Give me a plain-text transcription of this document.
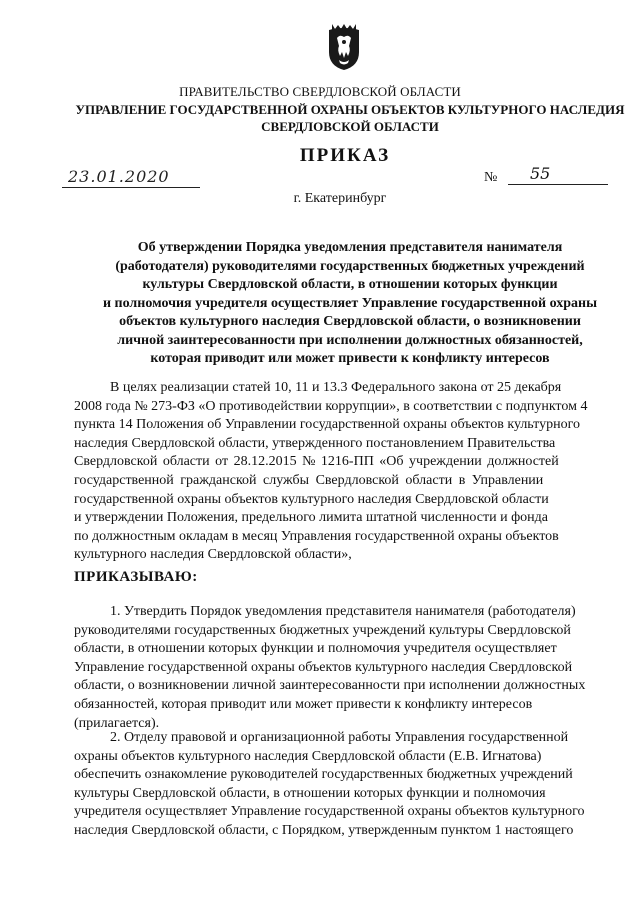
ПРАВИТЕЛЬСТВО СВЕРДЛОВСКОЙ ОБЛАСТИ
УПРАВЛЕНИЕ ГОСУДАРСТВЕННОЙ ОХРАНЫ ОБЪЕКТОВ КУЛЬТУРНОГО НАСЛЕДИЯ
СВЕРДЛОВСКОЙ ОБЛАСТИ
ПРИКАЗ
23.01.2020	№	55
г. Екатеринбург
Об утверждении Порядка уведомления представителя нанимателя
(работодателя) руководителями государственных бюджетных учреждений
культуры Свердловской области, в отношении которых функции
и полномочия учредителя осуществляет Управление государственной охраны
объектов культурного наследия Свердловской области, о возникновении
личной заинтересованности при исполнении должностных обязанностей,
которая приводит или может привести к конфликту интересов
В целях реализации статей 10, 11 и 13.3 Федерального закона от 25 декабря
2008 года № 273-ФЗ «О противодействии коррупции», в соответствии с подпунктом 4
пункта 14 Положения об Управлении государственной охраны объектов культурного
наследия Свердловской области, утвержденного постановлением Правительства
Свердловской области от 28.12.2015 № 1216-ПП «Об учреждении должностей
государственной гражданской службы Свердловской области в Управлении
государственной охраны объектов культурного наследия Свердловской области
и утверждении Положения, предельного лимита штатной численности и фонда
по должностным окладам в месяц Управления государственной охраны объектов
культурного наследия Свердловской области»,
ПРИКАЗЫВАЮ:
1. Утвердить Порядок уведомления представителя нанимателя (работодателя)
руководителями государственных бюджетных учреждений культуры Свердловской
области, в отношении которых функции и полномочия учредителя осуществляет
Управление государственной охраны объектов культурного наследия Свердловской
области, о возникновении личной заинтересованности при исполнении должностных
обязанностей, которая приводит или может привести к конфликту интересов
(прилагается).
2. Отделу правовой и организационной работы Управления государственной
охраны объектов культурного наследия Свердловской области (Е.В. Игнатова)
обеспечить ознакомление руководителей государственных бюджетных учреждений
культуры Свердловской области, в отношении которых функции и полномочия
учредителя осуществляет Управление государственной охраны объектов культурного
наследия Свердловской области, с Порядком, утвержденным пунктом 1 настоящего
